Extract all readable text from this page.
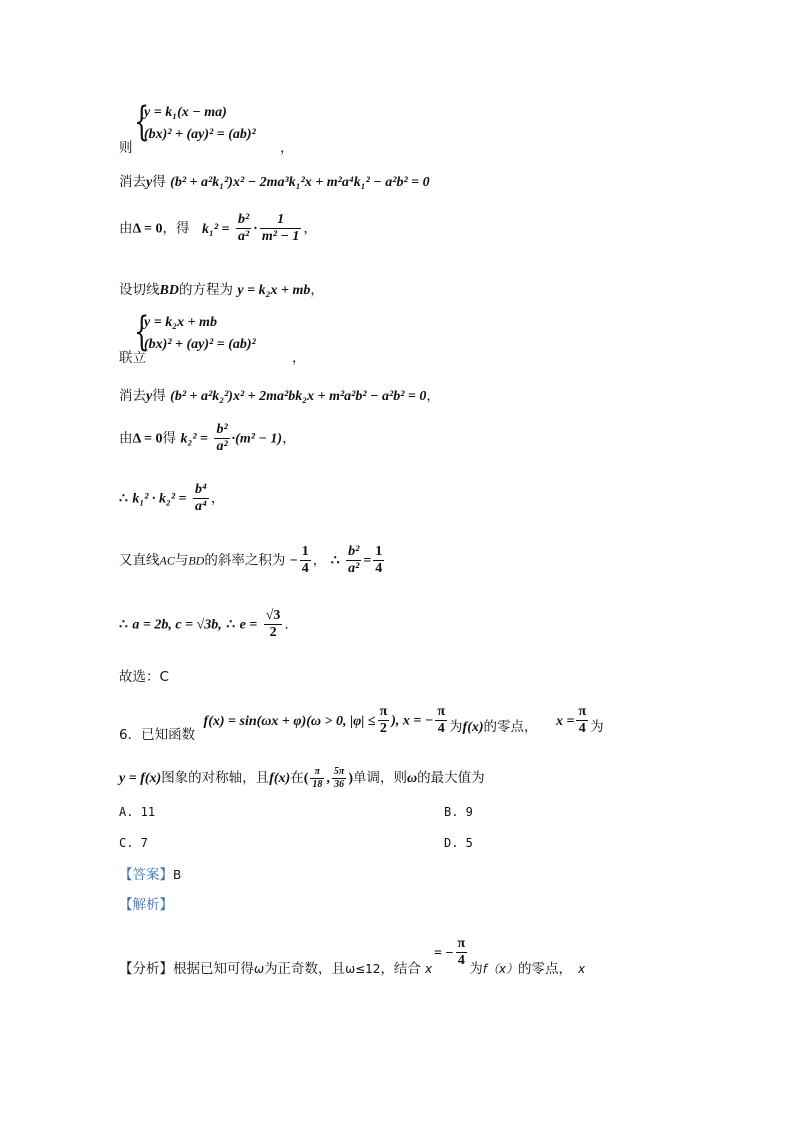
{
y = k₁(x − ma)
(bx)² + (ay)² = (ab)²
则	，
消去y得 (b² + a²k₁²)x² − 2ma³k₁²x + m²a⁴k₁² − a²b² = 0
由Δ = 0，得 $k_1^2 = \frac{\text{b²}}{\text{a²}} \cdot \frac{1}{\text{m² − 1}}$ ，
设切线BD的方程为 y = k₂x + mb，
{
y = k₂x + mb
(bx)² + (ay)² = (ab)²
联立	，
消去y得 (b² + a²k₂²)x² + 2ma²bk₂x + m²a²b² − a²b² = 0，
由Δ = 0得 $k_2^2 = \frac{\text{b²}}{\text{a²}} \cdot(m^2 - 1)$，
∴ $k_1^2 \cdot k_2^2 = \frac{\text{b⁴}}{\text{a⁴}}$ ，
又直线AC与BD的斜率之积为 − $\frac{1}{4}$ ， ∴ $\frac{\text{b²}}{\text{a²}} = \frac{1}{4}$
∴ a = 2b, c = √3b, ∴ $e = \frac{√3}{2}$ .
故选：C
6．已知函数 f(x) = sin(ωx + φ)(ω > 0, $|\varphi| \le \frac{\pi}{2}$ ), x = − $\frac{\pi}{4}$ 为f(x)的零点， $x = \frac{\pi}{4}$ 为
y = f(x)图象的对称轴，且f(x)在( $\frac{\pi}{18}$ , $\frac{5\pi}{36}$ )单调，则ω的最大值为
A. 11	B. 9
C. 7	D. 5
【答案】B
【解析】
【分析】根据已知可得ω为正奇数，且ω≤12，结合 $x= - \frac{\pi}{4}$ 为f（x）的零点， x
